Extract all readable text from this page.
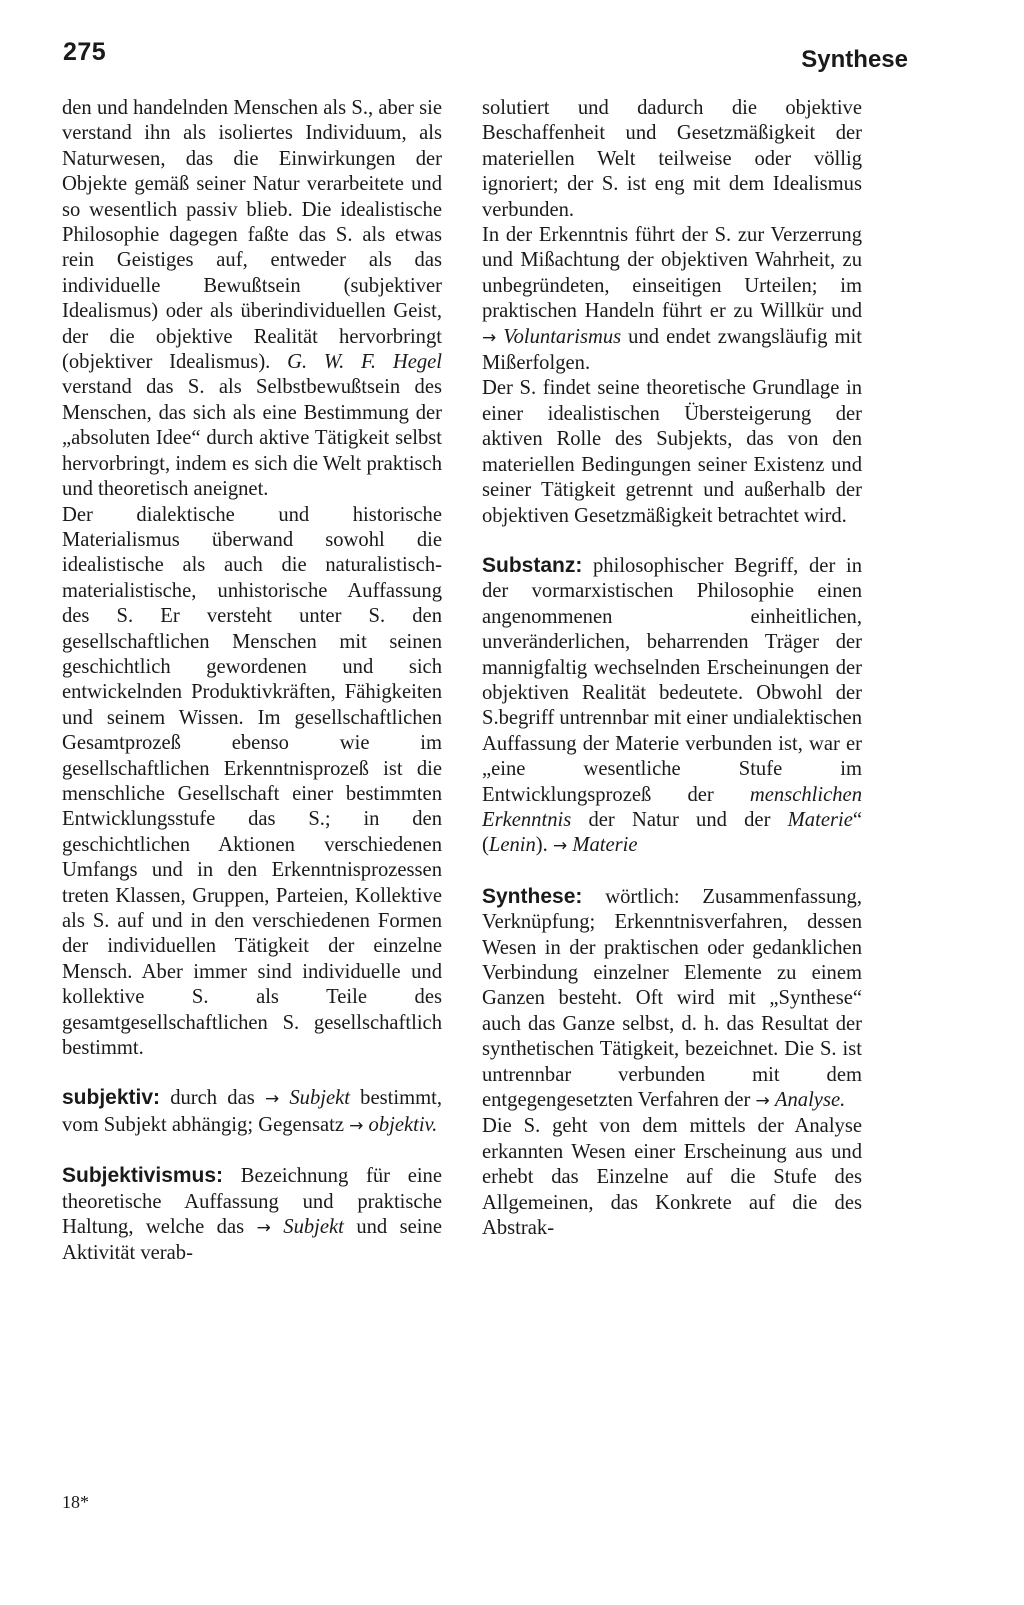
275	Synthese

den und handelnden Menschen als S., aber sie verstand ihn als isoliertes Individuum, als Naturwesen, das die Einwirkungen der Objekte gemäß seiner Natur verarbeitete und so wesentlich passiv blieb. Die idealistische Philosophie dagegen faßte das S. als etwas rein Geistiges auf, entweder als das individuelle Bewußtsein (subjektiver Idealismus) oder als überindividuellen Geist, der die objektive Realität hervorbringt (objektiver Idealismus). G. W. F. Hegel verstand das S. als Selbstbewußtsein des Menschen, das sich als eine Bestimmung der „absoluten Idee“ durch aktive Tätigkeit selbst hervorbringt, indem es sich die Welt praktisch und theoretisch aneignet.

Der dialektische und historische Materialismus überwand sowohl die idealistische als auch die naturalistisch-materialistische, unhistorische Auffassung des S. Er versteht unter S. den gesellschaftlichen Menschen mit seinen geschichtlich gewordenen und sich entwickelnden Produktivkräften, Fähigkeiten und seinem Wissen. Im gesellschaftlichen Gesamtprozeß ebenso wie im gesellschaftlichen Erkenntnisprozeß ist die menschliche Gesellschaft einer bestimmten Entwicklungsstufe das S.; in den geschichtlichen Aktionen verschiedenen Umfangs und in den Erkenntnisprozessen treten Klassen, Gruppen, Parteien, Kollektive als S. auf und in den verschiedenen Formen der individuellen Tätigkeit der einzelne Mensch. Aber immer sind individuelle und kollektive S. als Teile des gesamtgesellschaftlichen S. gesellschaftlich bestimmt.

subjektiv: durch das → Subjekt bestimmt, vom Subjekt abhängig; Gegensatz → objektiv.

Subjektivismus: Bezeichnung für eine theoretische Auffassung und praktische Haltung, welche das → Subjekt und seine Aktivität verab-

solutiert und dadurch die objektive Beschaffenheit und Gesetzmäßigkeit der materiellen Welt teilweise oder völlig ignoriert; der S. ist eng mit dem Idealismus verbunden.

In der Erkenntnis führt der S. zur Verzerrung und Mißachtung der objektiven Wahrheit, zu unbegründeten, einseitigen Urteilen; im praktischen Handeln führt er zu Willkür und → Voluntarismus und endet zwangsläufig mit Mißerfolgen.

Der S. findet seine theoretische Grundlage in einer idealistischen Übersteigerung der aktiven Rolle des Subjekts, das von den materiellen Bedingungen seiner Existenz und seiner Tätigkeit getrennt und außerhalb der objektiven Gesetzmäßigkeit betrachtet wird.

Substanz: philosophischer Begriff, der in der vormarxistischen Philosophie einen angenommenen einheitlichen, unveränderlichen, beharrenden Träger der mannigfaltig wechselnden Erscheinungen der objektiven Realität bedeutete. Obwohl der S.begriff untrennbar mit einer undialektischen Auffassung der Materie verbunden ist, war er „eine wesentliche Stufe im Entwicklungsprozeß der menschlichen Erkenntnis der Natur und der Materie“ (Lenin). → Materie

Synthese: wörtlich: Zusammenfassung, Verknüpfung; Erkenntnisverfahren, dessen Wesen in der praktischen oder gedanklichen Verbindung einzelner Elemente zu einem Ganzen besteht. Oft wird mit „Synthese“ auch das Ganze selbst, d. h. das Resultat der synthetischen Tätigkeit, bezeichnet. Die S. ist untrennbar verbunden mit dem entgegengesetzten Verfahren der → Analyse.

Die S. geht von dem mittels der Analyse erkannten Wesen einer Erscheinung aus und erhebt das Einzelne auf die Stufe des Allgemeinen, das Konkrete auf die des Abstrak-

18*
